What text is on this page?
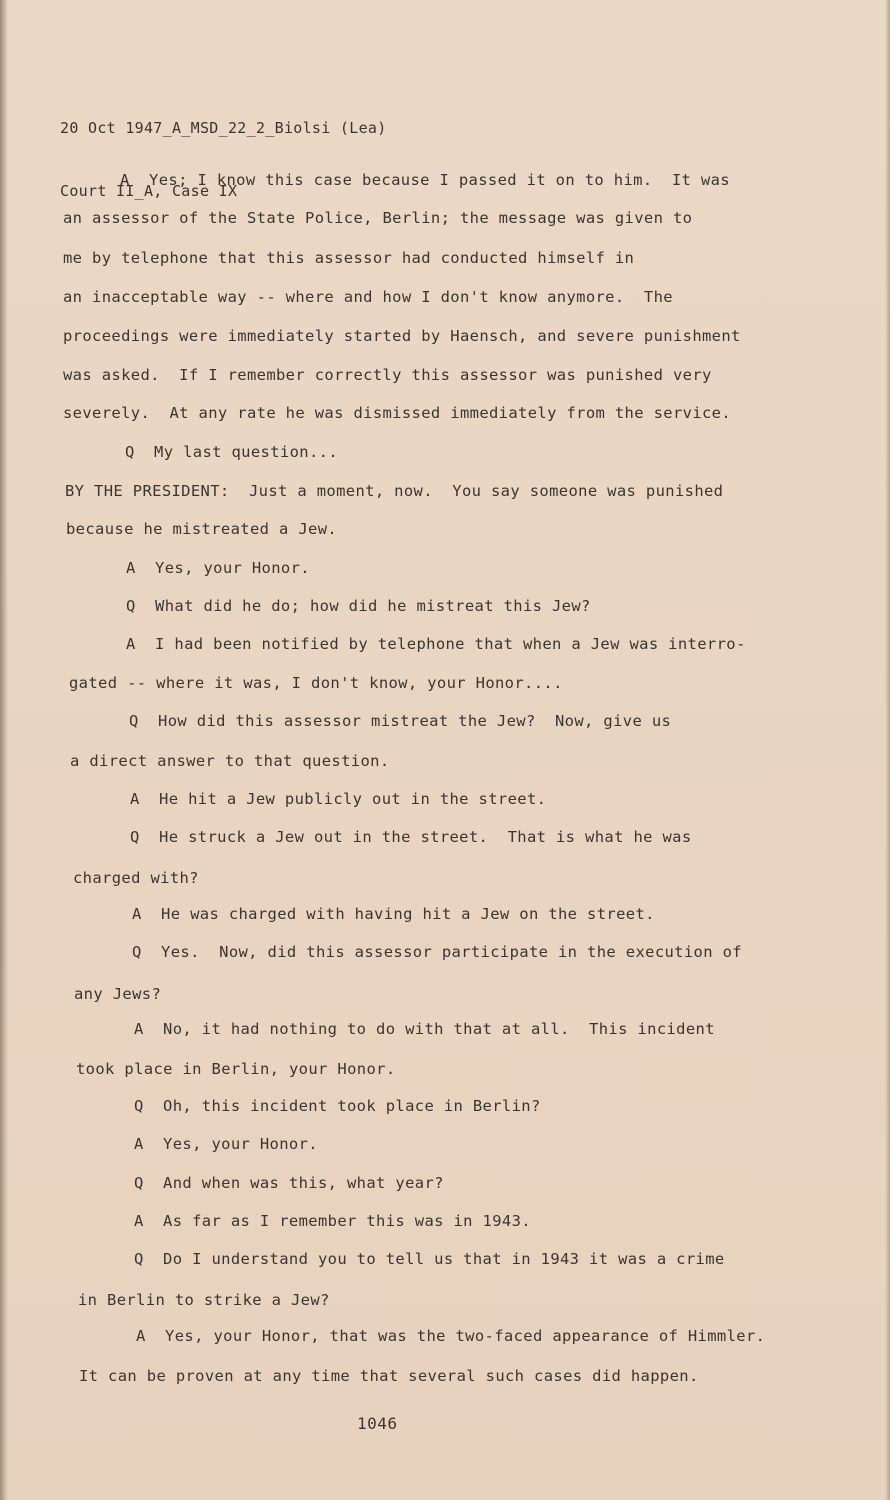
20 Oct 1947_A_MSD_22_2_Biolsi (Lea)

Court II_A, Case IX

A  Yes; I know this case because I passed it on to him.  It was
an assessor of the State Police, Berlin; the message was given to
me by telephone that this assessor had conducted himself in
an inacceptable way -- where and how I don't know anymore.  The
proceedings were immediately started by Haensch, and severe punishment
was asked.  If I remember correctly this assessor was punished very
severely.  At any rate he was dismissed immediately from the service.
Q  My last question...
BY THE PRESIDENT:  Just a moment, now.  You say someone was punished
because he mistreated a Jew.
A  Yes, your Honor.
Q  What did he do; how did he mistreat this Jew?
A  I had been notified by telephone that when a Jew was interro-
gated -- where it was, I don't know, your Honor....
Q  How did this assessor mistreat the Jew?  Now, give us
a direct answer to that question.
A  He hit a Jew publicly out in the street.
Q  He struck a Jew out in the street.  That is what he was
charged with?
A  He was charged with having hit a Jew on the street.
Q  Yes.  Now, did this assessor participate in the execution of
any Jews?
A  No, it had nothing to do with that at all.  This incident
took place in Berlin, your Honor.
Q  Oh, this incident took place in Berlin?
A  Yes, your Honor.
Q  And when was this, what year?
A  As far as I remember this was in 1943.
Q  Do I understand you to tell us that in 1943 it was a crime
in Berlin to strike a Jew?
A  Yes, your Honor, that was the two-faced appearance of Himmler.
It can be proven at any time that several such cases did happen.
1046
